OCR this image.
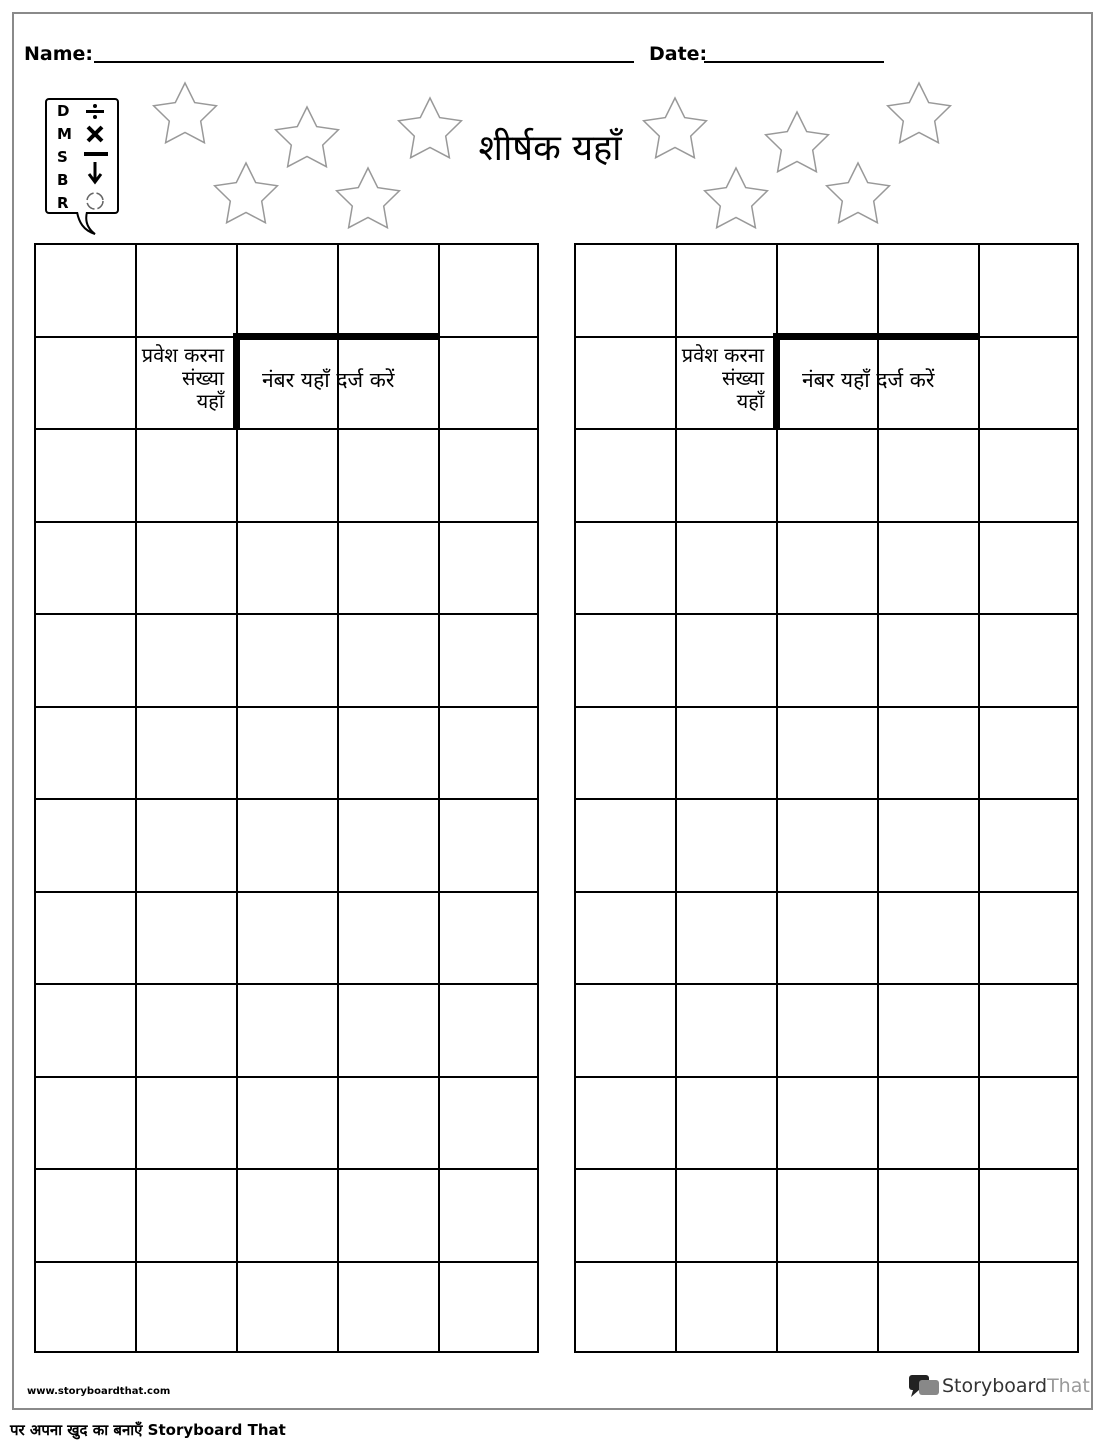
Name:	Date:
D
M
S
B
R
शीर्षक यहाँ
प्रवेश करना
संख्या
यहाँ
नंबर यहाँ दर्ज करें
प्रवेश करना
संख्या
यहाँ
नंबर यहाँ दर्ज करें
www.storyboardthat.com	Storyboard That
पर अपना खुद का बनाएँ Storyboard That
